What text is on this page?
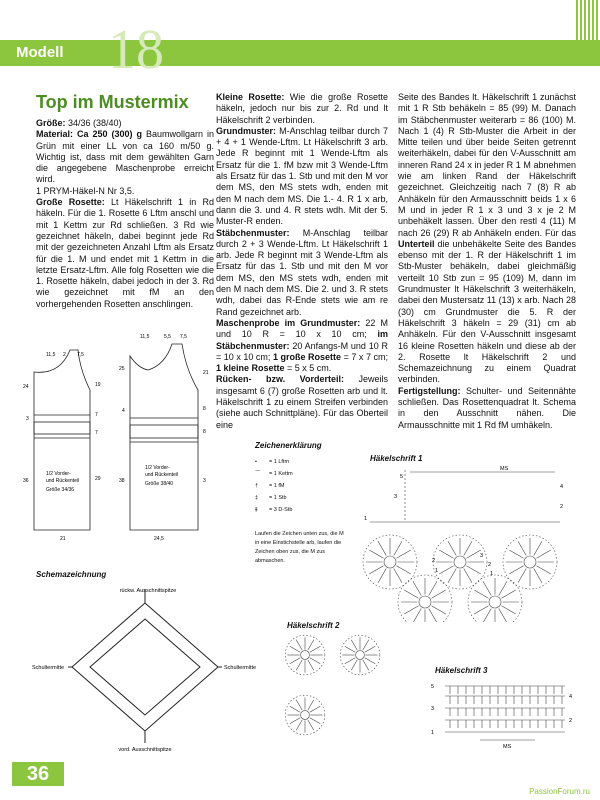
18
Modell
Top im Mustermix

Größe: 34/36 (38/40)

Material: Ca 250 (300) g Baumwollgarn in Grün mit einer LL von ca 160 m/50 g. Wichtig ist, dass mit dem gewählten Garn die angegebene Maschenprobe erreicht wird.

1 PRYM-Häkel-N Nr 3,5.

Große Rosette: Lt Häkelschrift 1 in Rd häkeln. Für die 1. Rosette 6 Lftm anschl und mit 1 Kettm zur Rd schließen. 3 Rd wie gezeichnet häkeln, dabei beginnt jede Rd mit der gezeichneten Anzahl Lftm als Ersatz für die 1. M und endet mit 1 Kettm in die letzte Ersatz-Lftm. Alle folg Rosetten wie die 1. Rosette häkeln, dabei jedoch in der 3. Rd wie gezeichnet mit fM an den vorhergehenden Rosetten anschlingen.

Kleine Rosette: Wie die große Rosette häkeln, jedoch nur bis zur 2. Rd und lt Häkelschrift 2 verbinden.

Grundmuster: M-Anschlag teilbar durch 7 + 4 + 1 Wende-Lftm. Lt Häkelschrift 3 arb. Jede R beginnt mit 1 Wende-Lftm als Ersatz für die 1. fM bzw mit 3 Wende-Lftm als Ersatz für das 1. Stb und mit den M vor dem MS, den MS stets wdh, enden mit den M nach dem MS. Die 1.- 4. R 1 x arb, dann die 3. und 4. R stets wdh. Mit der 5. Muster-R enden.

Stäbchenmuster: M-Anschlag teilbar durch 2 + 3 Wende-Lftm. Lt Häkelschrift 1 arb. Jede R beginnt mit 3 Wende-Lftm als Ersatz für das 1. Stb und mit den M vor dem MS, den MS stets wdh, enden mit den M nach dem MS. Die 2. und 3. R stets wdh, dabei das R-Ende stets wie am re Rand gezeichnet arb.

Maschenprobe im Grundmuster: 22 M und 10 R = 10 x 10 cm; im Stäbchenmuster: 20 Anfangs-M und 10 R = 10 x 10 cm; 1 große Rosette = 7 x 7 cm; 1 kleine Rosette = 5 x 5 cm.

Rücken- bzw. Vorderteil: Jeweils insgesamt 6 (7) große Rosetten arb und lt. Häkelschrift 1 zu einem Streifen verbinden (siehe auch Schnittpläne). Für das Oberteil eine

Seite des Bandes lt. Häkelschrift 1 zunächst mit 1 R Stb behäkeln = 85 (99) M. Danach im Stäbchenmuster weiterarb = 86 (100) M. Nach 1 (4) R Stb-Muster die Arbeit in der Mitte teilen und über beide Seiten getrennt weiterhäkeln, dabei für den V-Ausschnitt am inneren Rand 24 x in jeder R 1 M abnehmen wie am linken Rand der Häkelschrift gezeichnet. Gleichzeitig nach 7 (8) R ab Anhäkeln für den Armausschnitt beids 1 x 6 M und in jeder R 1 x 3 und 3 x je 2 M unbehäkelt lassen. Über den restl 4 (11) M nach 26 (29) R ab Anhäkeln enden. Für das Unterteil die unbehäkelte Seite des Bandes ebenso mit der 1. R der Häkelschrift 1 im Stb-Muster behäkeln, dabei gleichmäßig verteilt 10 Stb zun = 95 (109) M, dann im Grundmuster lt Häkelschrift 3 weiterhäkeln, dabei den Mustersatz 11 (13) x arb. Nach 28 (30) cm Grundmuster die 5. R der Häkelschrift 3 häkeln = 29 (31) cm ab Anhäkeln. Für den V-Ausschnitt insgesamt 16 kleine Rosetten häkeln und diese ab der 2. Rosette lt Häkelschrift 2 und Schemazeichnung zu einem Quadrat verbinden.

Fertigstellung: Schulter- und Seitennähte schließen. Das Rosettenquadrat lt. Schema in den Ausschnitt nähen. Die Armausschnitte mit 1 Rd fM umhäkeln.

11,5 2 7,5
24	19
3
7
7
36	29
21
1/2 Vorder-
und Rückenteil
Größe 34/36
11,5	5,5 7,5
25
21
4	8
8
38	3
24,5
1/2 Vorder-
und Rückenteil
Größe 38/40
Zeichenerklärung
•	= 1 Lftm
⌒	= 1 Kettm
†	= 1 fM
‡	= 1 Stb
⫵	= 3 D-Stb
Laufen die Zeichen unten zus, die M in eine Einstichstelle arb, laufen die Zeichen oben zus, die M zus abmaschen.
Häkelschrift 1
MS
5
4
3
2
1
2
1
3
2
1
Schemazeichnung
rückw. Ausschnittspitze
Schultermitte	Schultermitte
vord. Ausschnittspitze
Häkelschrift 2
Häkelschrift 3
5
4
3
2
1
MS
36
PassionForum.ru
